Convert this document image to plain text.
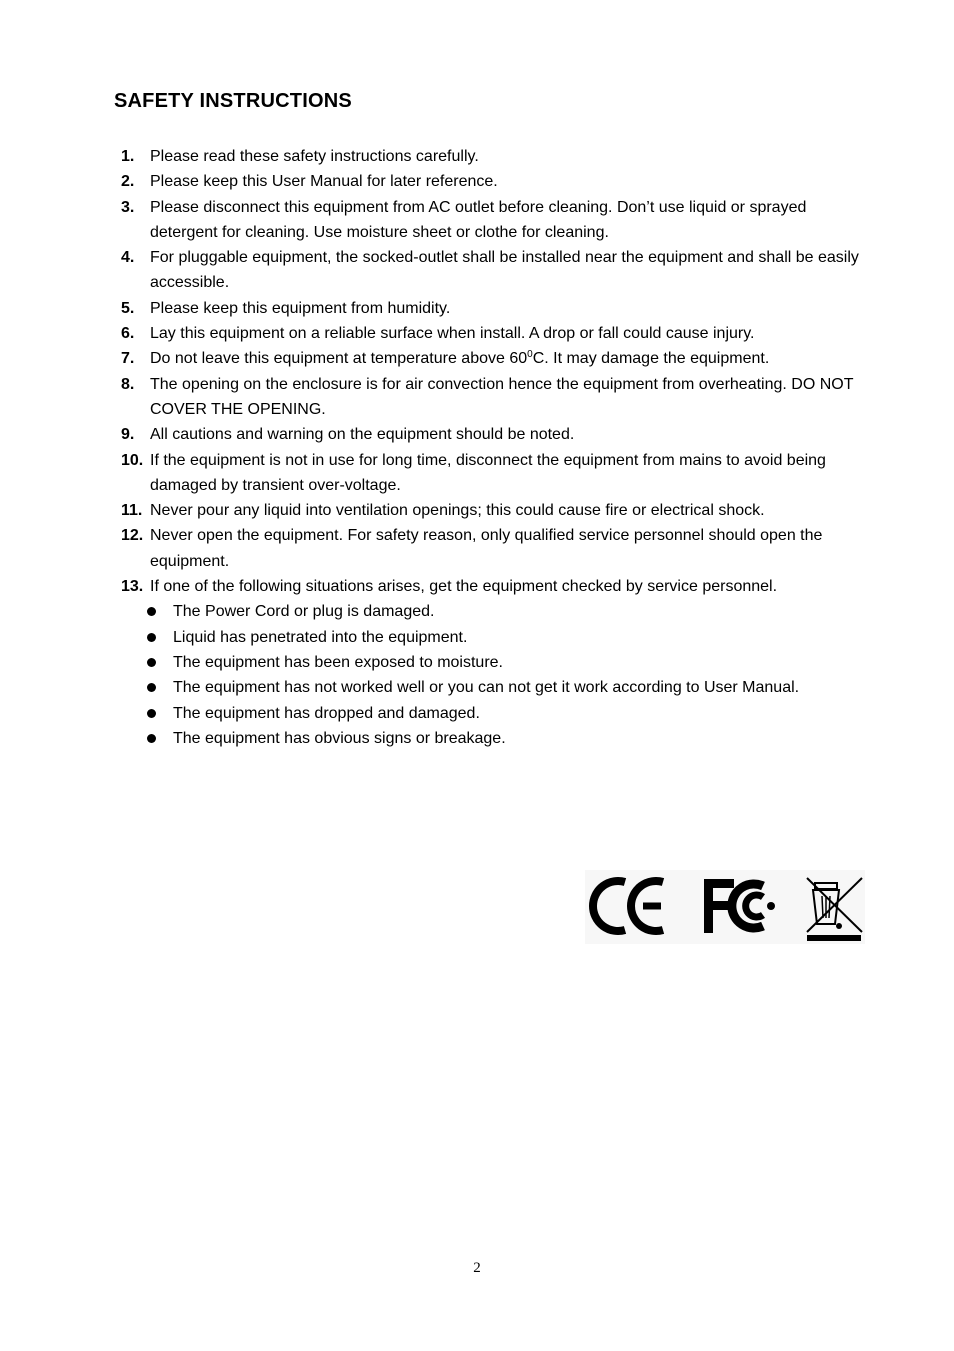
SAFETY INSTRUCTIONS
1. Please read these safety instructions carefully.
2. Please keep this User Manual for later reference.
3. Please disconnect this equipment from AC outlet before cleaning. Don’t use liquid or sprayed detergent for cleaning. Use moisture sheet or clothe for cleaning.
4. For pluggable equipment, the socked-outlet shall be installed near the equipment and shall be easily accessible.
5. Please keep this equipment from humidity.
6. Lay this equipment on a reliable surface when install. A drop or fall could cause injury.
7. Do not leave this equipment at temperature above $60^0C$. It may damage the equipment.
8. The opening on the enclosure is for air convection hence the equipment from overheating. DO NOT COVER THE OPENING.
9. All cautions and warning on the equipment should be noted.
10. If the equipment is not in use for long time, disconnect the equipment from mains to avoid being damaged by transient over-voltage.
11. Never pour any liquid into ventilation openings; this could cause fire or electrical shock.
12. Never open the equipment. For safety reason, only qualified service personnel should open the equipment.
13. If one of the following situations arises, get the equipment checked by service personnel.
The Power Cord or plug is damaged.
Liquid has penetrated into the equipment.
The equipment has been exposed to moisture.
The equipment has not worked well or you can not get it work according to User Manual.
The equipment has dropped and damaged.
The equipment has obvious signs or breakage.
2
